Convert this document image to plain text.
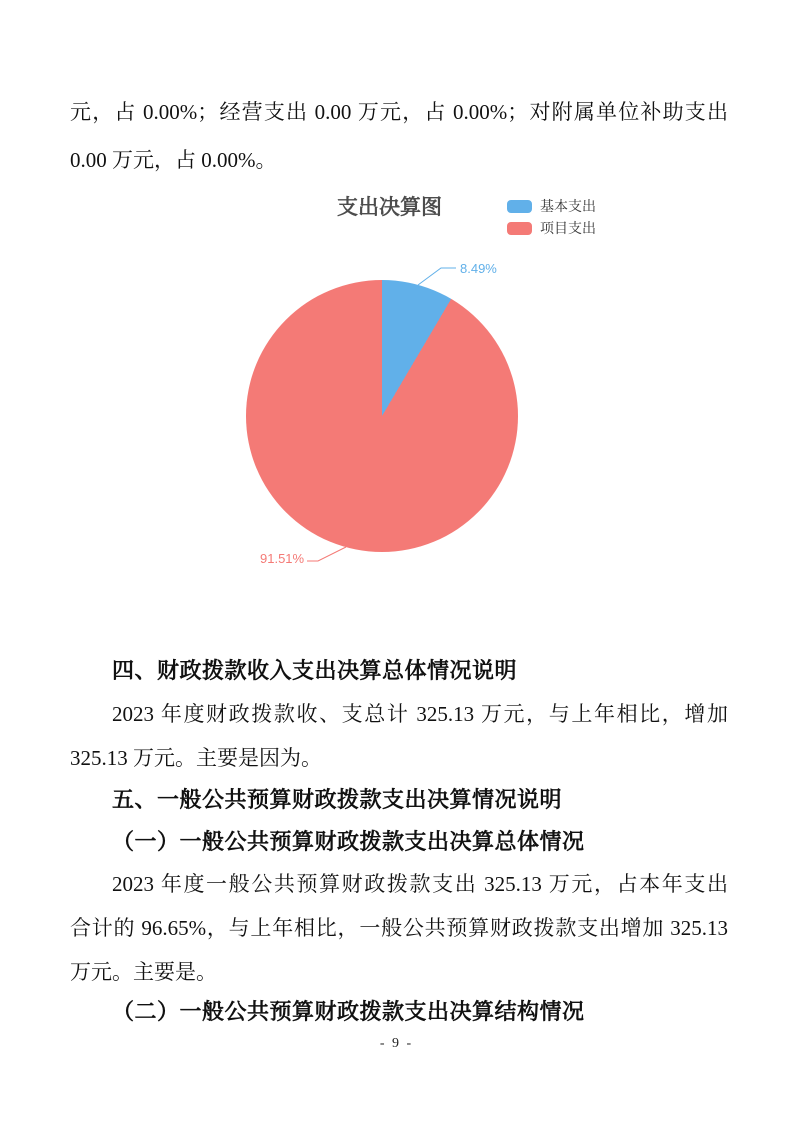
元，占 0.00%；经营支出 0.00 万元，占 0.00%；对附属单位补助支出
0.00 万元，占 0.00%。
支出决算图	基本支出
项目支出
8.49%
91.51%
四、财政拨款收入支出决算总体情况说明
2023 年度财政拨款收、支总计 325.13 万元，与上年相比，增加
325.13 万元。主要是因为。
五、一般公共预算财政拨款支出决算情况说明
（一）一般公共预算财政拨款支出决算总体情况
2023 年度一般公共预算财政拨款支出 325.13 万元，占本年支出
合计的 96.65%，与上年相比，一般公共预算财政拨款支出增加 325.13
万元。主要是。
（二）一般公共预算财政拨款支出决算结构情况
- 9 -
